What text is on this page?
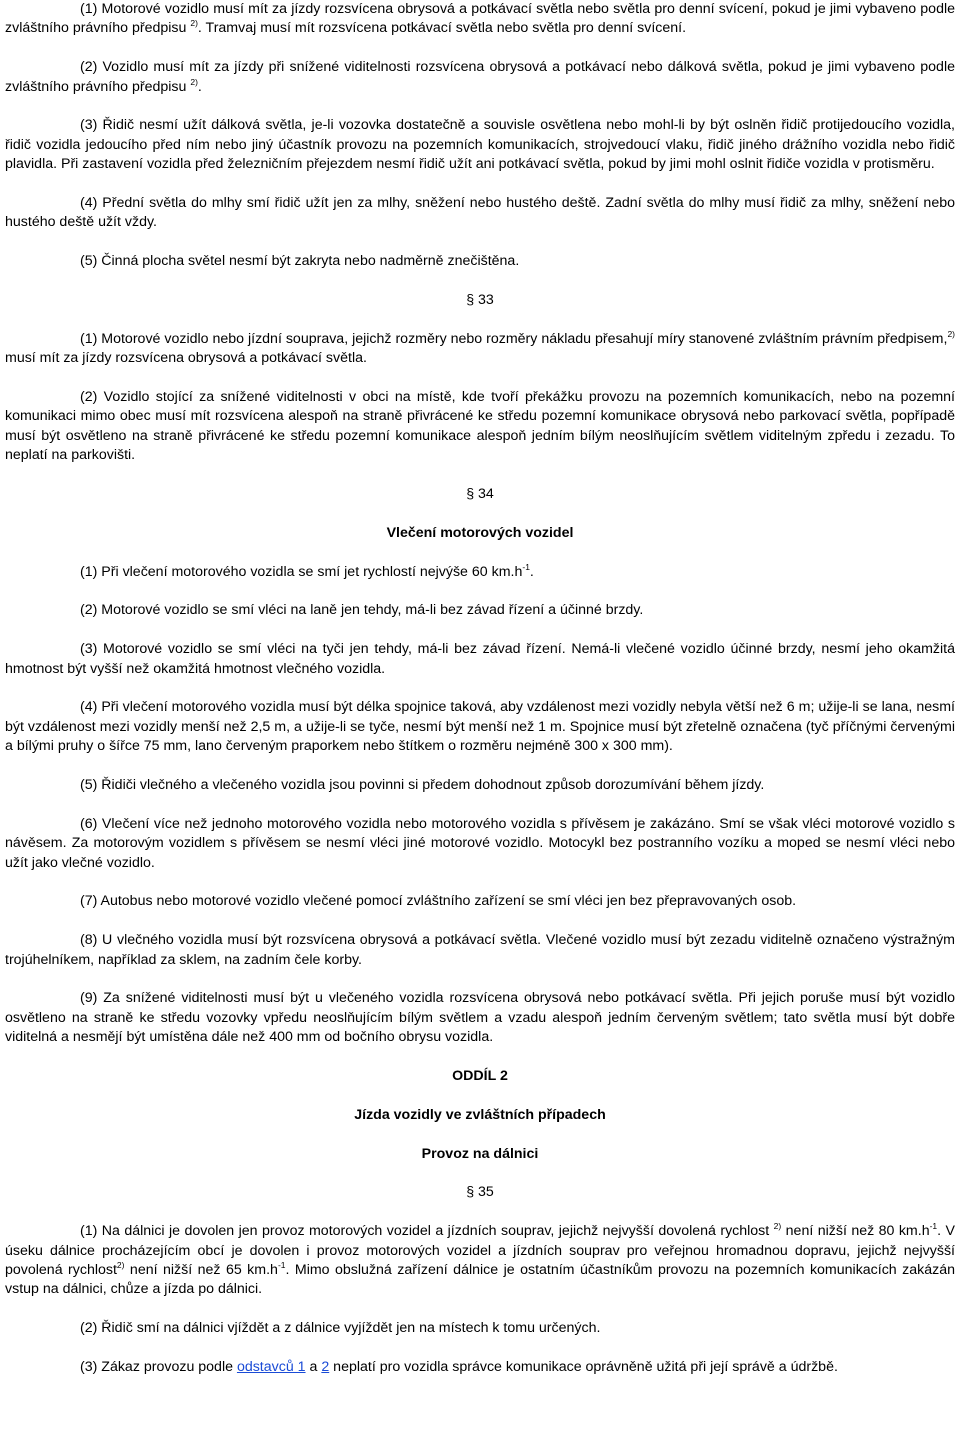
(1) Motorové vozidlo musí mít za jízdy rozsvícena obrysová a potkávací světla nebo světla pro denní svícení, pokud je jimi vybaveno podle zvláštního právního předpisu $^{2)}$. Tramvaj musí mít rozsvícena potkávací světla nebo světla pro denní svícení.

(2) Vozidlo musí mít za jízdy při snížené viditelnosti rozsvícena obrysová a potkávací nebo dálková světla, pokud je jimi vybaveno podle zvláštního právního předpisu $^{2)}$.

(3) Řidič nesmí užít dálková světla, je-li vozovka dostatečně a souvisle osvětlena nebo mohl-li by být oslněn řidič protijedoucího vozidla, řidič vozidla jedoucího před ním nebo jiný účastník provozu na pozemních komunikacích, strojvedoucí vlaku, řidič jiného drážního vozidla nebo řidič plavidla. Při zastavení vozidla před železničním přejezdem nesmí řidič užít ani potkávací světla, pokud by jimi mohl oslnit řidiče vozidla v protisměru.

(4) Přední světla do mlhy smí řidič užít jen za mlhy, sněžení nebo hustého deště. Zadní světla do mlhy musí řidič za mlhy, sněžení nebo hustého deště užít vždy.

(5) Činná plocha světel nesmí být zakryta nebo nadměrně znečištěna.

§ 33

(1) Motorové vozidlo nebo jízdní souprava, jejichž rozměry nebo rozměry nákladu přesahují míry stanovené zvláštním právním předpisem,$^{2)}$ musí mít za jízdy rozsvícena obrysová a potkávací světla.

(2) Vozidlo stojící za snížené viditelnosti v obci na místě, kde tvoří překážku provozu na pozemních komunikacích, nebo na pozemní komunikaci mimo obec musí mít rozsvícena alespoň na straně přivrácené ke středu pozemní komunikace obrysová nebo parkovací světla, popřípadě musí být osvětleno na straně přivrácené ke středu pozemní komunikace alespoň jedním bílým neoslňujícím světlem viditelným zpředu i zezadu. To neplatí na parkovišti.

§ 34

Vlečení motorových vozidel

(1) Při vlečení motorového vozidla se smí jet rychlostí nejvýše 60 $km.h^{-1}$.

(2) Motorové vozidlo se smí vléci na laně jen tehdy, má-li bez závad řízení a účinné brzdy.

(3) Motorové vozidlo se smí vléci na tyči jen tehdy, má-li bez závad řízení. Nemá-li vlečené vozidlo účinné brzdy, nesmí jeho okamžitá hmotnost být vyšší než okamžitá hmotnost vlečného vozidla.

(4) Při vlečení motorového vozidla musí být délka spojnice taková, aby vzdálenost mezi vozidly nebyla větší než 6 m; užije-li se lana, nesmí být vzdálenost mezi vozidly menší než 2,5 m, a užije-li se tyče, nesmí být menší než 1 m. Spojnice musí být zřetelně označena (tyč příčnými červenými a bílými pruhy o šířce 75 mm, lano červeným praporkem nebo štítkem o rozměru nejméně 300 x 300 mm).

(5) Řidiči vlečného a vlečeného vozidla jsou povinni si předem dohodnout způsob dorozumívání během jízdy.

(6) Vlečení více než jednoho motorového vozidla nebo motorového vozidla s přívěsem je zakázáno. Smí se však vléci motorové vozidlo s návěsem. Za motorovým vozidlem s přívěsem se nesmí vléci jiné motorové vozidlo. Motocykl bez postranního vozíku a moped se nesmí vléci nebo užít jako vlečné vozidlo.

(7) Autobus nebo motorové vozidlo vlečené pomocí zvláštního zařízení se smí vléci jen bez přepravovaných osob.

(8) U vlečného vozidla musí být rozsvícena obrysová a potkávací světla. Vlečené vozidlo musí být zezadu viditelně označeno výstražným trojúhelníkem, například za sklem, na zadním čele korby.

(9) Za snížené viditelnosti musí být u vlečeného vozidla rozsvícena obrysová nebo potkávací světla. Při jejich poruše musí být vozidlo osvětleno na straně ke středu vozovky vpředu neoslňujícím bílým světlem a vzadu alespoň jedním červeným světlem; tato světla musí být dobře viditelná a nesmějí být umístěna dále než 400 mm od bočního obrysu vozidla.

ODDÍL 2

Jízda vozidly ve zvláštních případech

Provoz na dálnici

§ 35

(1) Na dálnici je dovolen jen provoz motorových vozidel a jízdních souprav, jejichž nejvyšší dovolená rychlost $^{2)}$ není nižší než 80 $km.h^{-1}$. V úseku dálnice procházejícím obcí je dovolen i provoz motorových vozidel a jízdních souprav pro veřejnou hromadnou dopravu, jejichž nejvyšší povolená rychlost$^{2)}$ není nižší než 65 $km.h^{-1}$. Mimo obslužná zařízení dálnice je ostatním účastníkům provozu na pozemních komunikacích zakázán vstup na dálnici, chůze a jízda po dálnici.

(2) Řidič smí na dálnici vjíždět a z dálnice vyjíždět jen na místech k tomu určených.

(3) Zákaz provozu podle odstavců 1 a 2 neplatí pro vozidla správce komunikace oprávněně užitá při její správě a údržbě.
